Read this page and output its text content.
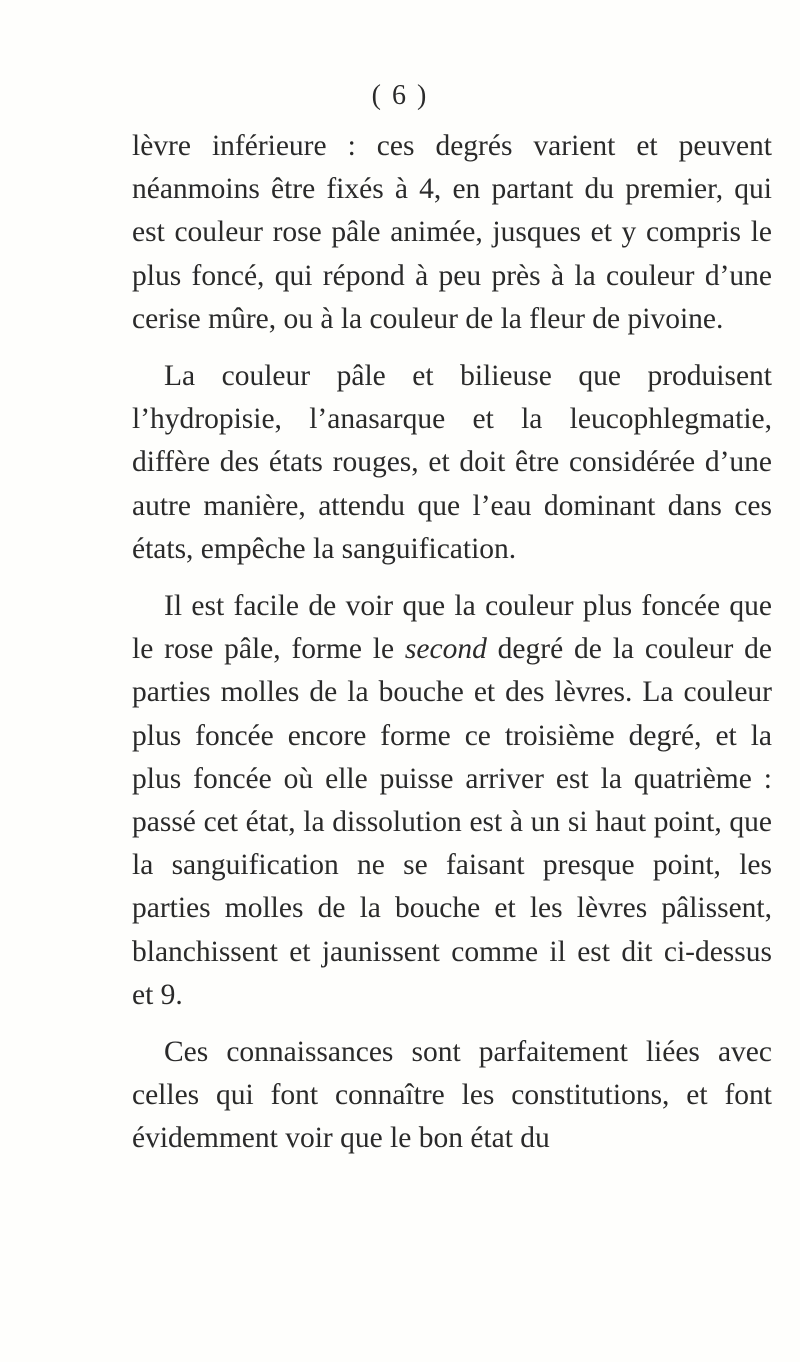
( 6 )

lèvre inférieure : ces degrés varient et peuvent néanmoins être fixés à 4, en partant du premier, qui est couleur rose pâle animée, jusques et y compris le plus foncé, qui répond à peu près à la couleur d’une cerise mûre, ou à la couleur de la fleur de pivoine.

La couleur pâle et bilieuse que produisent l’hydropisie, l’anasarque et la leucophlegmatie, diffère des états rouges, et doit être considérée d’une autre manière, attendu que l’eau dominant dans ces états, empêche la sanguification.

Il est facile de voir que la couleur plus foncée que le rose pâle, forme le second degré de la couleur de parties molles de la bouche et des lèvres. La couleur plus foncée encore forme ce troisième degré, et la plus foncée où elle puisse arriver est la quatrième : passé cet état, la dissolution est à un si haut point, que la sanguification ne se faisant presque point, les parties molles de la bouche et les lèvres pâlissent, blanchissent et jaunissent comme il est dit ci-dessus et 9.

Ces connaissances sont parfaitement liées avec celles qui font connaître les constitutions, et font évidemment voir que le bon état du
